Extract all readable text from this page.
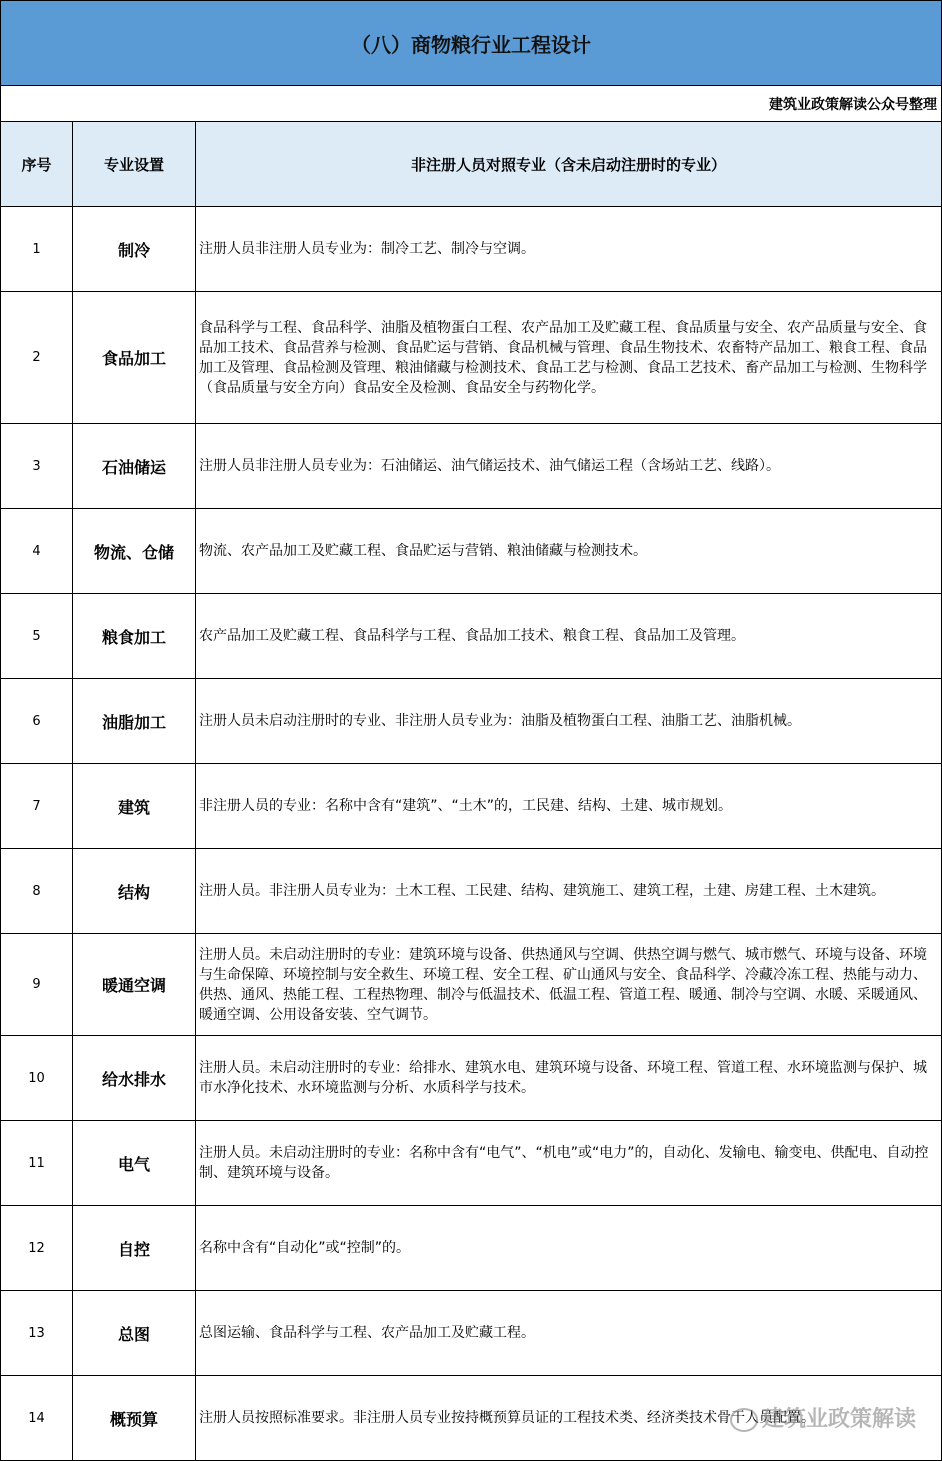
（八）商物粮行业工程设计		
建筑业政策解读公众号整理		
序号	专业设置	非注册人员对照专业（含未启动注册时的专业）
1	制冷	注册人员非注册人员专业为：制冷工艺、制冷与空调。
2	食品加工	食品科学与工程、食品科学、油脂及植物蛋白工程、农产品加工及贮藏工程、食品质量与安全、农产品质量与安全、食品加工技术、食品营养与检测、食品贮运与营销、食品机械与管理、食品生物技术、农畜特产品加工、粮食工程、食品加工及管理、食品检测及管理、粮油储藏与检测技术、食品工艺与检测、食品工艺技术、畜产品加工与检测、生物科学（食品质量与安全方向）食品安全及检测、食品安全与药物化学。
3	石油储运	注册人员非注册人员专业为：石油储运、油气储运技术、油气储运工程（含场站工艺、线路）。
4	物流、仓储	物流、农产品加工及贮藏工程、食品贮运与营销、粮油储藏与检测技术。
5	粮食加工	农产品加工及贮藏工程、食品科学与工程、食品加工技术、粮食工程、食品加工及管理。
6	油脂加工	注册人员未启动注册时的专业、非注册人员专业为：油脂及植物蛋白工程、油脂工艺、油脂机械。
7	建筑	非注册人员的专业：名称中含有“建筑”、“土木”的，工民建、结构、土建、城市规划。
8	结构	注册人员。非注册人员专业为：土木工程、工民建、结构、建筑施工、建筑工程，土建、房建工程、土木建筑。
9	暖通空调	注册人员。未启动注册时的专业：建筑环境与设备、供热通风与空调、供热空调与燃气、城市燃气、环境与设备、环境与生命保障、环境控制与安全救生、环境工程、安全工程、矿山通风与安全、食品科学、冷藏冷冻工程、热能与动力、供热、通风、热能工程、工程热物理、制冷与低温技术、低温工程、管道工程、暖通、制冷与空调、水暖、采暖通风、暖通空调、公用设备安装、空气调节。
10	给水排水	注册人员。未启动注册时的专业：给排水、建筑水电、建筑环境与设备、环境工程、管道工程、水环境监测与保护、城市水净化技术、水环境监测与分析、水质科学与技术。
11	电气	注册人员。未启动注册时的专业：名称中含有“电气”、“机电”或“电力”的，自动化、发输电、输变电、供配电、自动控制、建筑环境与设备。
12	自控	名称中含有“自动化”或“控制”的。
13	总图	总图运输、食品科学与工程、农产品加工及贮藏工程。
14	概预算	注册人员按照标准要求。非注册人员专业按持概预算员证的工程技术类、经济类技术骨干人员配置。
建筑业政策解读
